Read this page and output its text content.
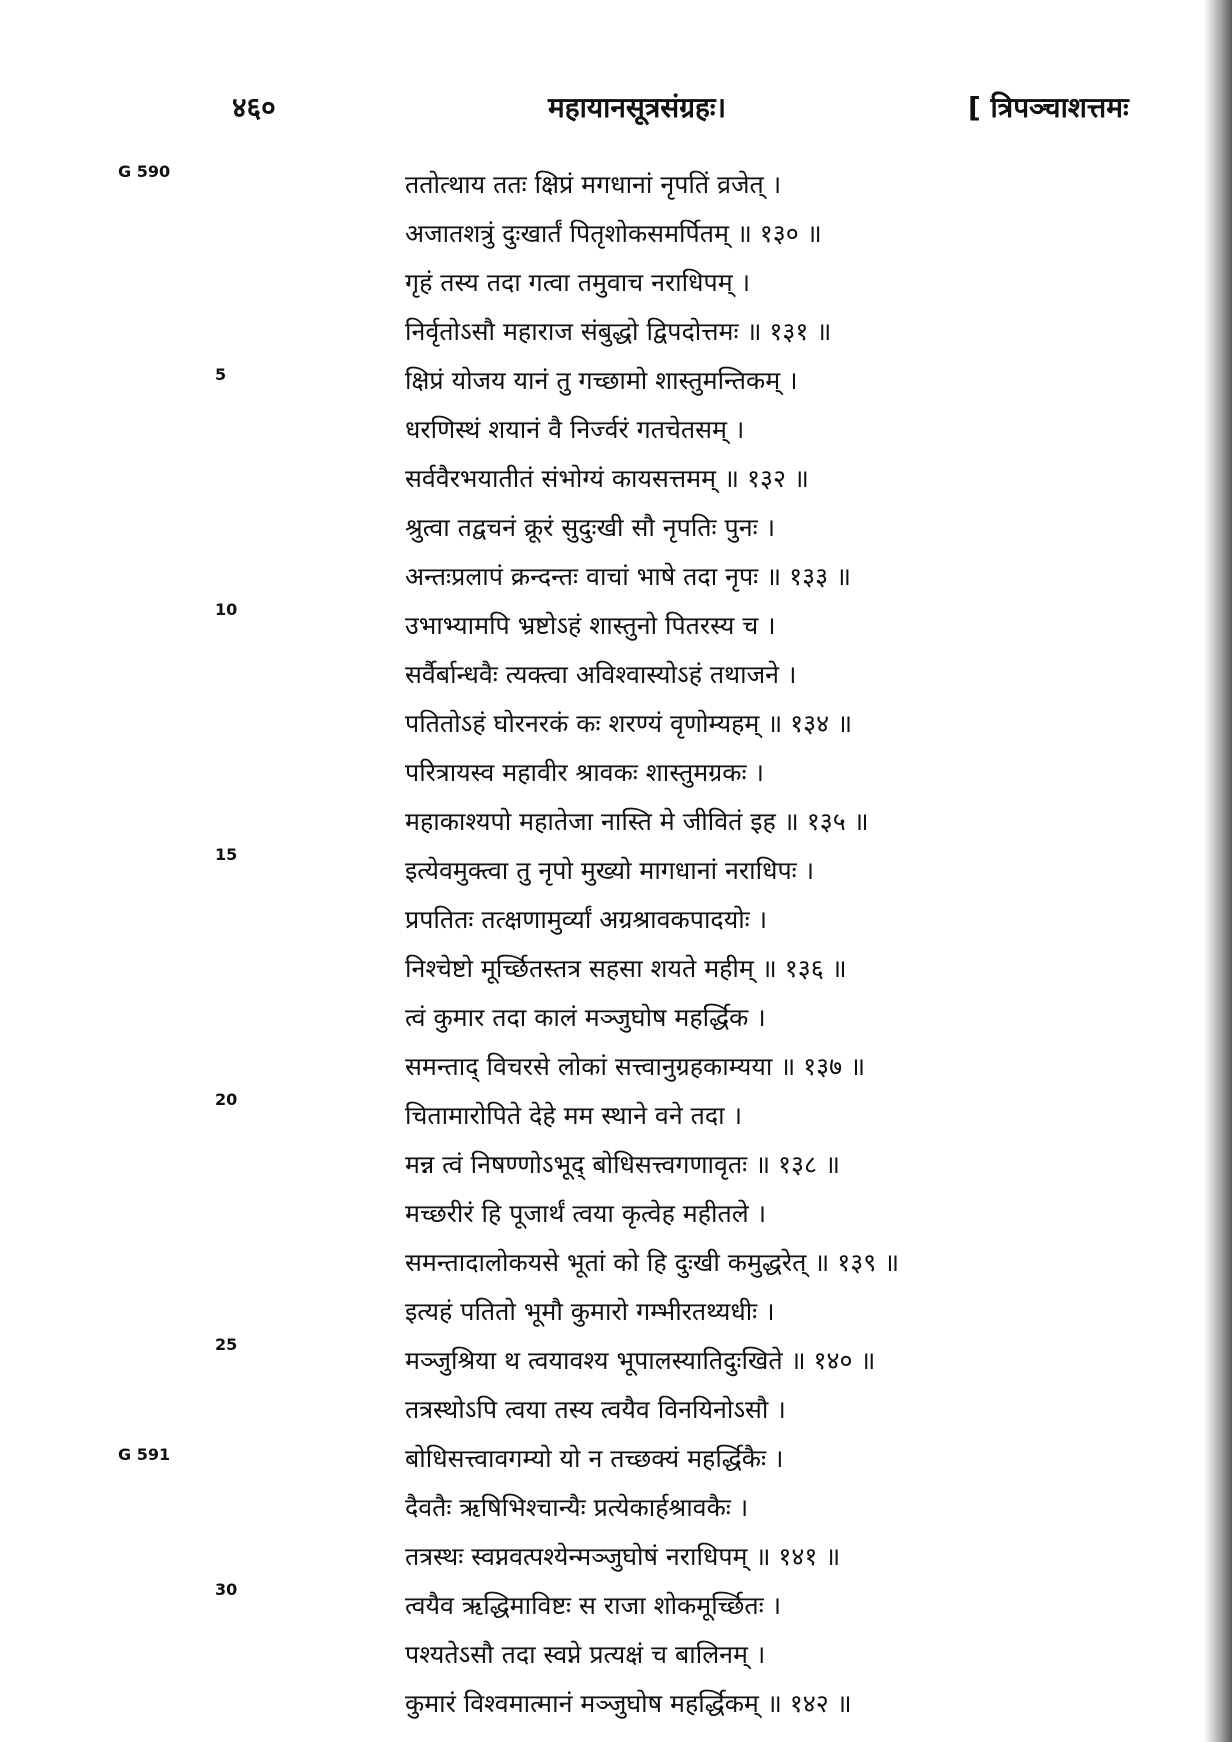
४६०	महायानसूत्रसंग्रहः।	[ त्रिपञ्चाशत्तमः
G 590
G 591
5
10
15
20
25
30
ततोत्थाय ततः क्षिप्रं मगधानां नृपतिं व्रजेत् ।
अजातशत्रुं दुःखार्तं पितृशोकसमर्पितम् ॥ १३० ॥
गृहं तस्य तदा गत्वा तमुवाच नराधिपम् ।
निर्वृतोऽसौ महाराज संबुद्धो द्विपदोत्तमः ॥ १३१ ॥
क्षिप्रं योजय यानं तु गच्छामो शास्तुमन्तिकम् ।
धरणिस्थं शयानं वै निर्ज्वरं गतचेतसम् ।
सर्ववैरभयातीतं संभोग्यं कायसत्तमम् ॥ १३२ ॥
श्रुत्वा तद्वचनं क्रूरं सुदुःखी सौ नृपतिः पुनः ।
अन्तःप्रलापं क्रन्दन्तः वाचां भाषे तदा नृपः ॥ १३३ ॥
उभाभ्यामपि भ्रष्टोऽहं शास्तुनो पितरस्य च ।
सर्वैर्बान्धवैः त्यक्त्वा अविश्वास्योऽहं तथाजने ।
पतितोऽहं घोरनरकं कः शरण्यं वृणोम्यहम् ॥ १३४ ॥
परित्रायस्व महावीर श्रावकः शास्तुमग्रकः ।
महाकाश्यपो महातेजा नास्ति मे जीवितं इह ॥ १३५ ॥
इत्येवमुक्त्वा तु नृपो मुख्यो मागधानां नराधिपः ।
प्रपतितः तत्क्षणामुर्व्यां अग्रश्रावकपादयोः ।
निश्चेष्टो मूर्च्छितस्तत्र सहसा शयते महीम् ॥ १३६ ॥
त्वं कुमार तदा कालं मञ्जुघोष महर्द्धिक ।
समन्ताद् विचरसे लोकां सत्त्वानुग्रहकाम्यया ॥ १३७ ॥
चितामारोपिते देहे मम स्थाने वने तदा ।
मन्न त्वं निषण्णोऽभूद् बोधिसत्त्वगणावृतः ॥ १३८ ॥
मच्छरीरं हि पूजार्थं त्वया कृत्वेह महीतले ।
समन्तादालोकयसे भूतां को हि दुःखी कमुद्धरेत् ॥ १३९ ॥
इत्यहं पतितो भूमौ कुमारो गम्भीरतथ्यधीः ।
मञ्जुश्रिया थ त्वयावश्य भूपालस्यातिदुःखिते ॥ १४० ॥
तत्रस्थोऽपि त्वया तस्य त्वयैव विनयिनोऽसौ ।
बोधिसत्त्वावगम्यो यो न तच्छक्यं महर्द्धिकैः ।
दैवतैः ऋषिभिश्चान्यैः प्रत्येकार्हश्रावकैः ।
तत्रस्थः स्वप्नवत्पश्येन्मञ्जुघोषं नराधिपम् ॥ १४१ ॥
त्वयैव ऋद्धिमाविष्टः स राजा शोकमूर्च्छितः ।
पश्यतेऽसौ तदा स्वप्ने प्रत्यक्षं च बालिनम् ।
कुमारं विश्वमात्मानं मञ्जुघोष महर्द्धिकम् ॥ १४२ ॥
